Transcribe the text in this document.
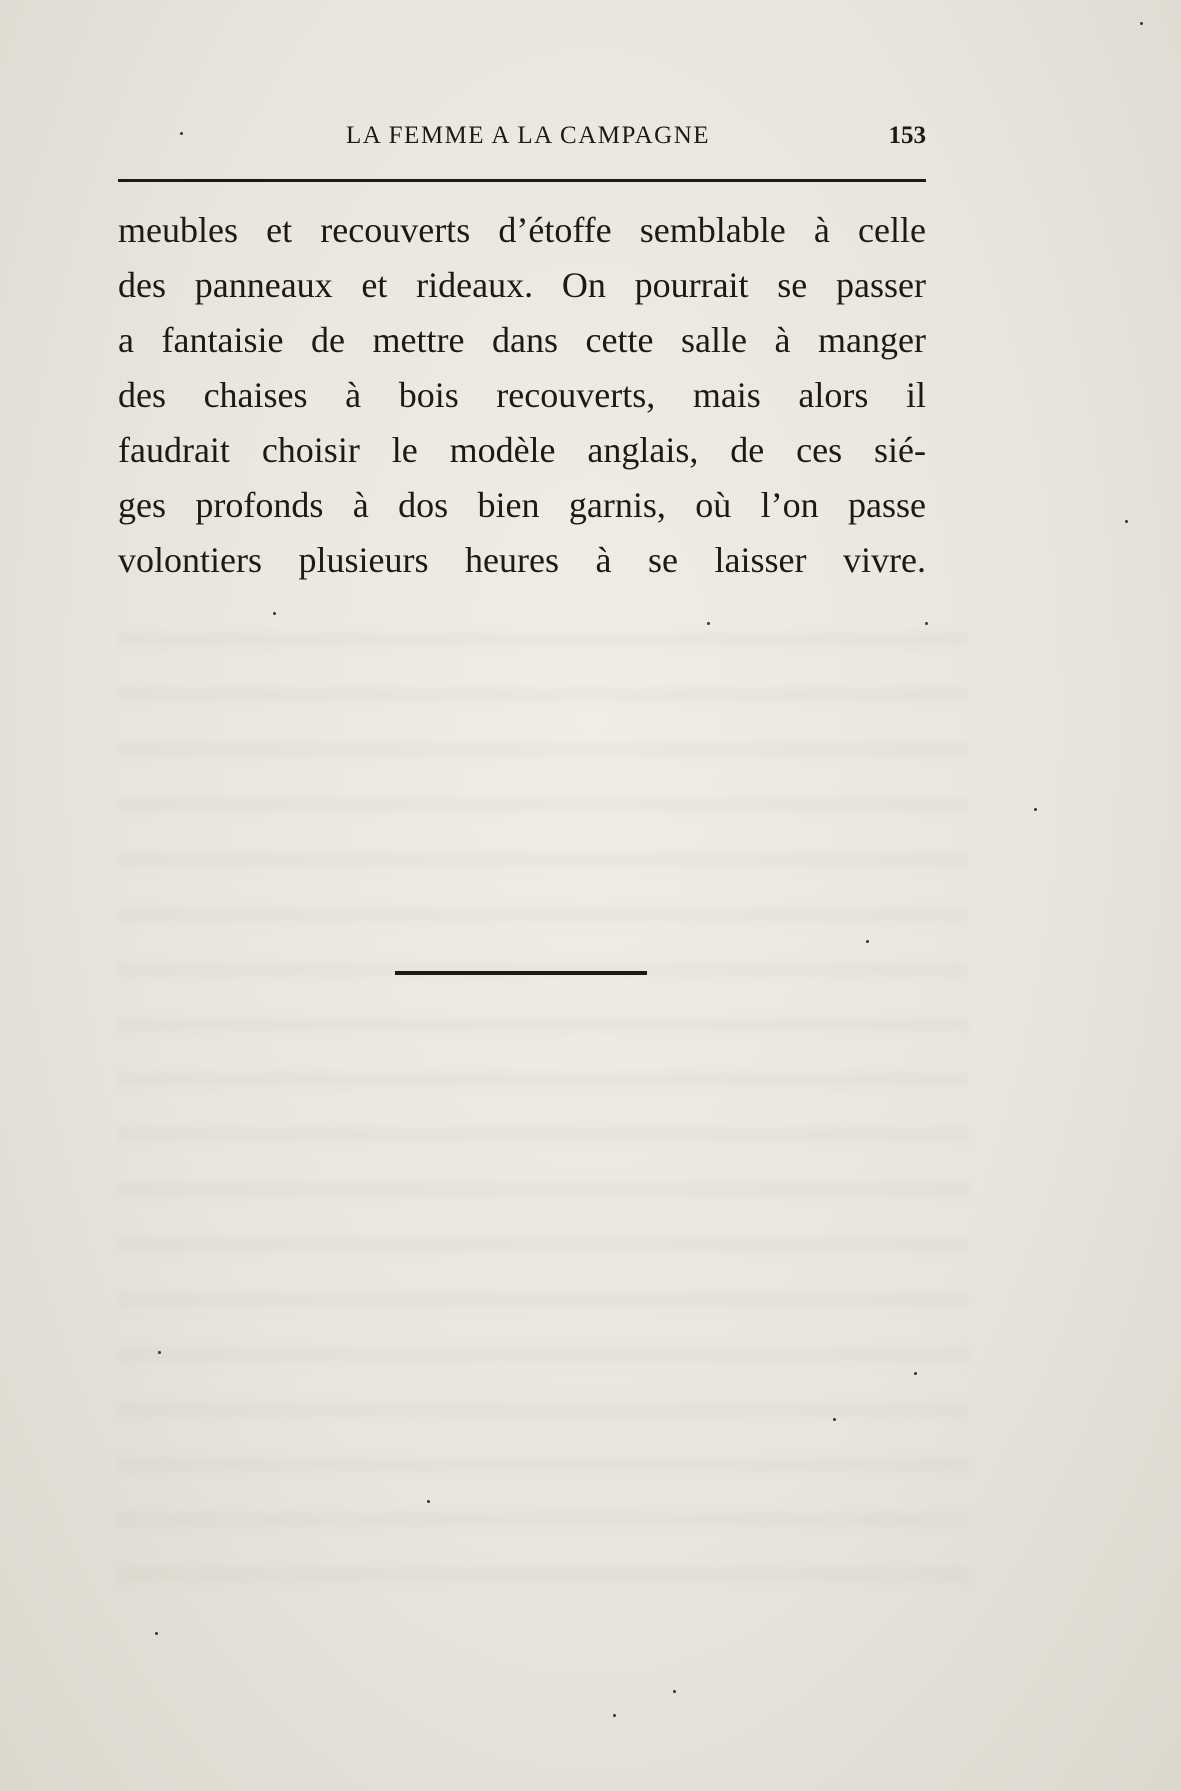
LA FEMME A LA CAMPAGNE	153
meubles et recouverts d’étoffe semblable à celle
des panneaux et rideaux. On pourrait se passer
a fantaisie de mettre dans cette salle à manger
des chaises à bois recouverts, mais alors il
faudrait choisir le modèle anglais, de ces sié-
ges profonds à dos bien garnis, où l’on passe
volontiers plusieurs heures à se laisser vivre.
